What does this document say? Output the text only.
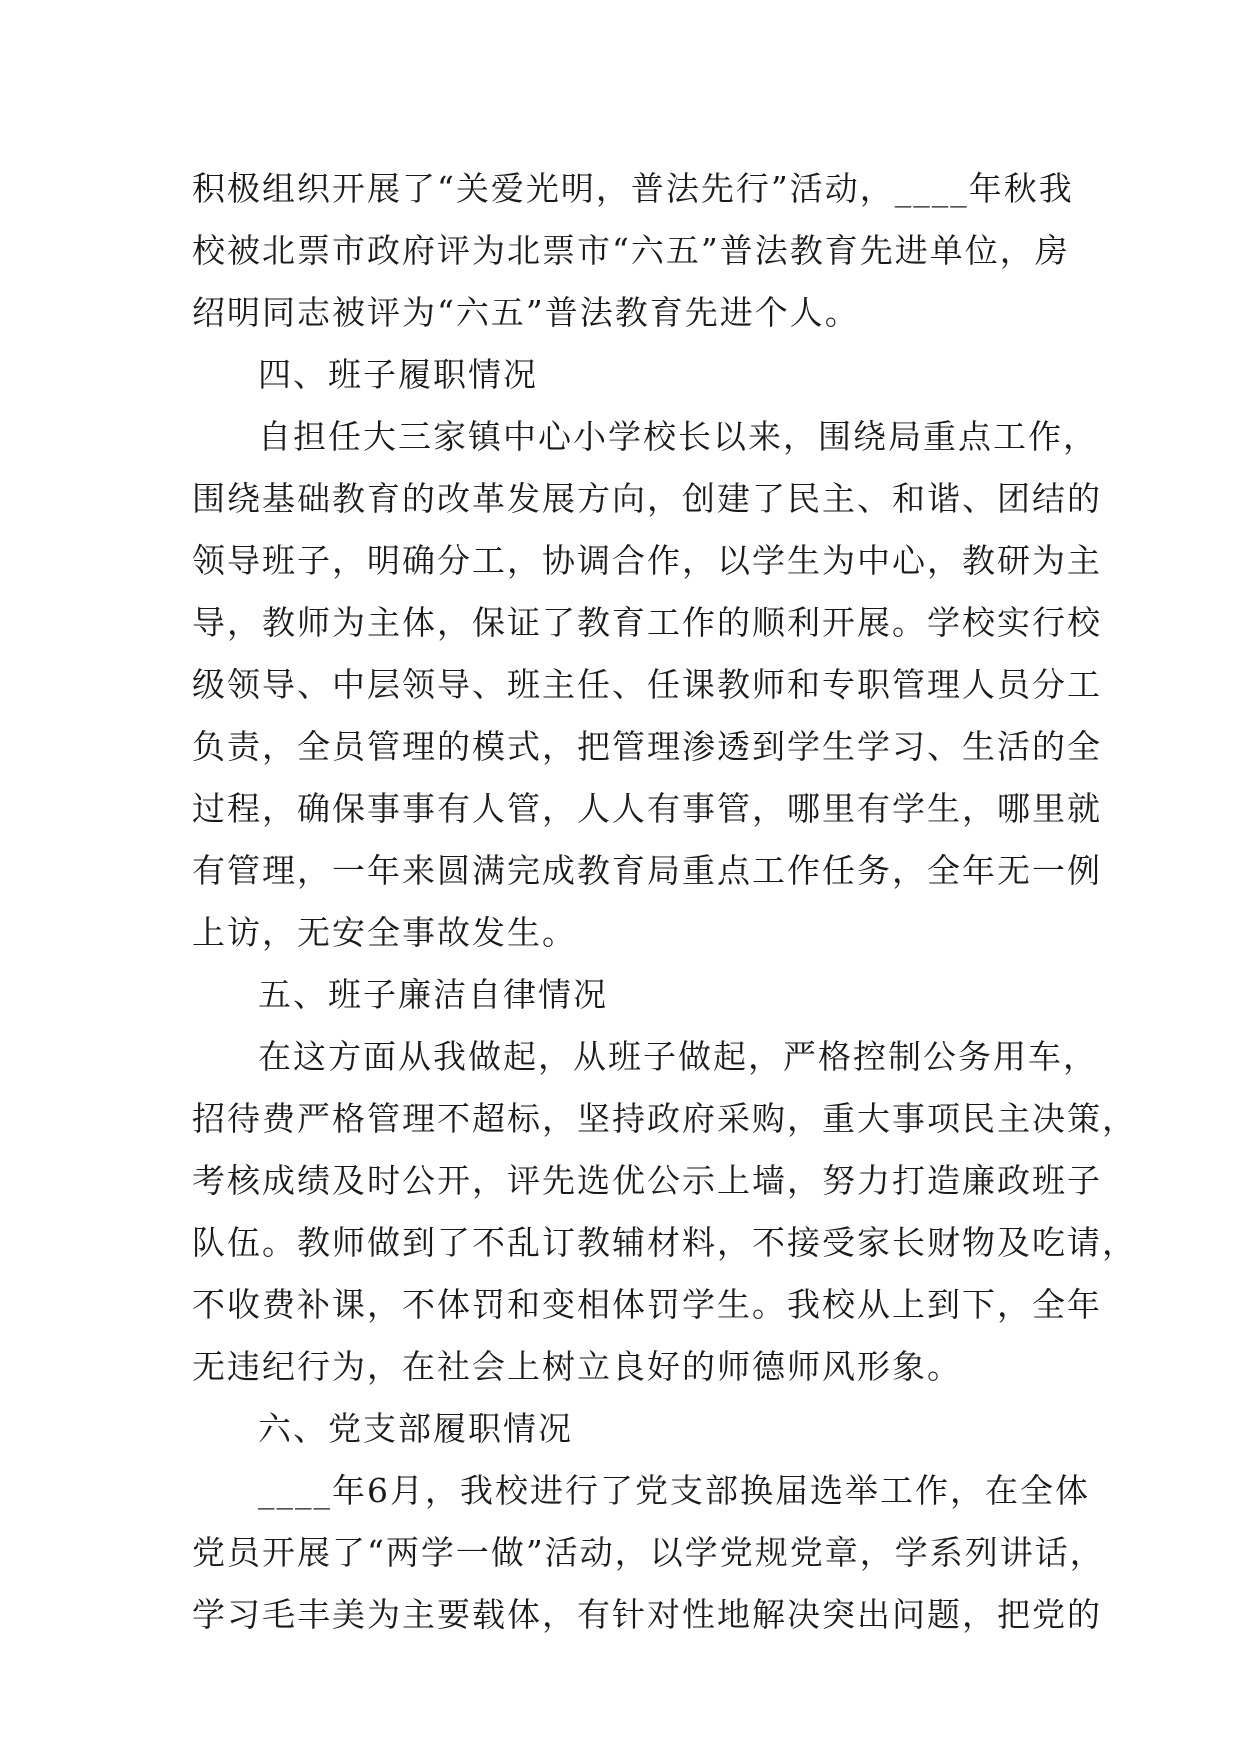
积极组织开展了“关爱光明，普法先行”活动，____年秋我
校被北票市政府评为北票市“六五”普法教育先进单位，房
绍明同志被评为“六五”普法教育先进个人。
四、班子履职情况
自担任大三家镇中心小学校长以来，围绕局重点工作，
围绕基础教育的改革发展方向，创建了民主、和谐、团结的
领导班子，明确分工，协调合作，以学生为中心，教研为主
导，教师为主体，保证了教育工作的顺利开展。学校实行校
级领导、中层领导、班主任、任课教师和专职管理人员分工
负责，全员管理的模式，把管理渗透到学生学习、生活的全
过程，确保事事有人管，人人有事管，哪里有学生，哪里就
有管理，一年来圆满完成教育局重点工作任务，全年无一例
上访，无安全事故发生。
五、班子廉洁自律情况
在这方面从我做起，从班子做起，严格控制公务用车，
招待费严格管理不超标，坚持政府采购，重大事项民主决策，
考核成绩及时公开，评先选优公示上墙，努力打造廉政班子
队伍。教师做到了不乱订教辅材料，不接受家长财物及吃请，
不收费补课，不体罚和变相体罚学生。我校从上到下，全年
无违纪行为，在社会上树立良好的师德师风形象。
六、党支部履职情况
____年6月，我校进行了党支部换届选举工作，在全体
党员开展了“两学一做”活动，以学党规党章，学系列讲话，
学习毛丰美为主要载体，有针对性地解决突出问题，把党的
